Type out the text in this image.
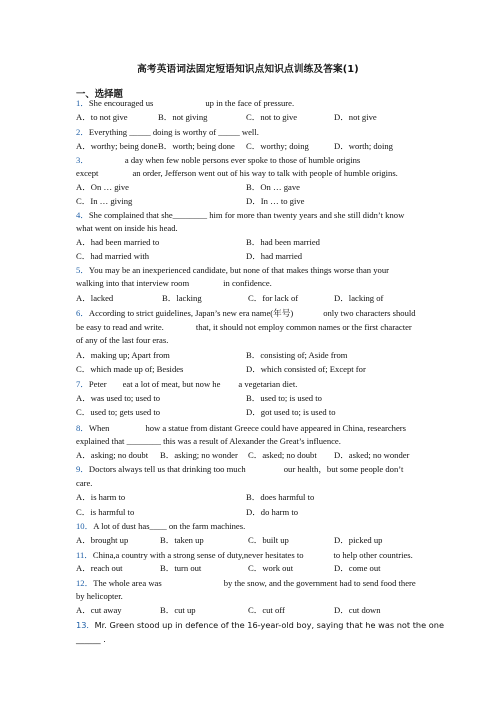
高考英语词法固定短语知识点知识点训练及答案(1)
一、选择题
1．She encouraged us	up in the face of pressure.
A．to not give	B．not giving	C．not to give	D．not give
2．Everything _____ doing is worthy of _____ well.
A．worthy; being done B．worth; being done C．worthy; doing	D．worth; doing
3．	a day when few noble persons ever spoke to those of humble origins
except	an order, Jefferson went out of his way to talk with people of humble origins.
A．On … give	B．On … gave
C．In … giving	D．In … to give
4．She complained that she________ him for more than twenty years and she still didn’t know
what went on inside his head.
A．had been married to	B．had been married
C．had married with	D．had married
5．You may be an inexperienced candidate, but none of that makes things worse than your
walking into that interview room	in confidence.
A．lacked	B．lacking	C．for lack of	D．lacking of
6．According to strict guidelines, Japan’s new era name(年号)	only two characters should
be easy to read and write.	that, it should not employ common names or the first character
of any of the last four eras.
A．making up; Apart from	B．consisting of; Aside from
C．which made up of; Besides	D．which consisted of; Except for
7．Peter eat a lot of meat, but now he a vegetarian diet.
A．was used to; used to	B．used to; is used to
C．used to; gets used to	D．got used to; is used to
8．When	how a statue from distant Greece could have appeared in China, researchers
explained that ________ this was a result of Alexander the Great’s influence.
A．asking; no doubt B．asking; no wonder C．asked; no doubt D．asked; no wonder
9．Doctors always tell us that drinking too much	our health，but some people don’t
care.
A．is harm to	B．does harmful to
C．is harmful to	D．do harm to
10．A lot of dust has____ on the farm machines.
A．brought up	B．taken up	C．built up	D．picked up
11．China,a country with a strong sense of duty,never hesitates to	to help other countries.
A．reach out	B．turn out	C．work out	D．come out
12．The whole area was	by the snow, and the government had to send food there
by helicopter.
A．cut away	B．cut up	C．cut off	D．cut down
13．Mr. Green stood up in defence of the 16-year-old boy, saying that he was not the one
______ .
